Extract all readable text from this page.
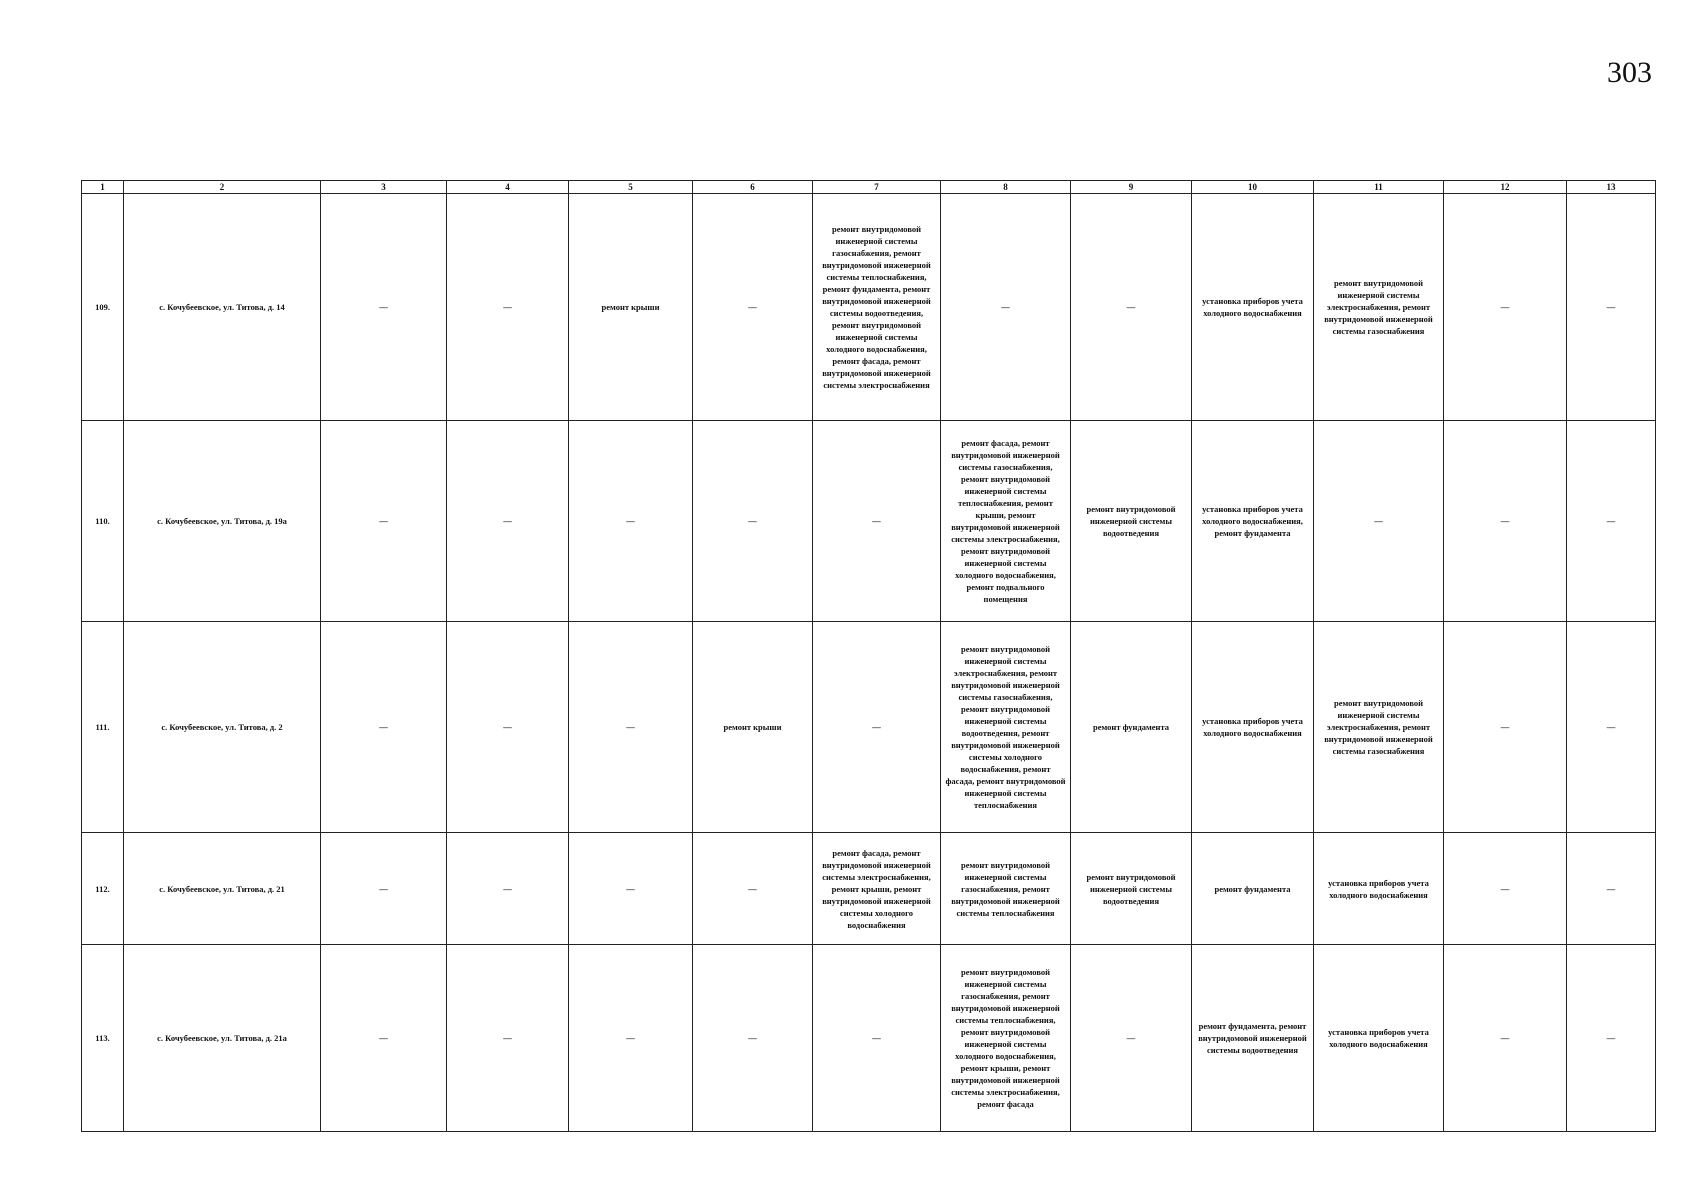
303
1	2	3	4	5	6	7	8	9	10	11	12	13
109.	с. Кочубеевское, ул. Титова, д. 14	—	—	ремонт крыши	—	ремонт внутридомовой инженерной системы газоснабжения, ремонт внутридомовой инженерной системы теплоснабжения, ремонт фундамента, ремонт внутридомовой инженерной системы водоотведения, ремонт внутридомовой инженерной системы холодного водоснабжения, ремонт фасада, ремонт внутридомовой инженерной системы электроснабжения	—	—	установка приборов учета холодного водоснабжения	ремонт внутридомовой инженерной системы электроснабжения, ремонт внутридомовой инженерной системы газоснабжения	—	—
110.	с. Кочубеевское, ул. Титова, д. 19а	—	—	—	—	—	ремонт фасада, ремонт внутридомовой инженерной системы газоснабжения, ремонт внутридомовой инженерной системы теплоснабжения, ремонт крыши, ремонт внутридомовой инженерной системы электроснабжения, ремонт внутридомовой инженерной системы холодного водоснабжения, ремонт подвального помещения	ремонт внутридомовой инженерной системы водоотведения	установка приборов учета холодного водоснабжения, ремонт фундамента	—	—	—
111.	с. Кочубеевское, ул. Титова, д. 2	—	—	—	ремонт крыши	—	ремонт внутридомовой инженерной системы электроснабжения, ремонт внутридомовой инженерной системы газоснабжения, ремонт внутридомовой инженерной системы водоотведения, ремонт внутридомовой инженерной системы холодного водоснабжения, ремонт фасада, ремонт внутридомовой инженерной системы теплоснабжения	ремонт фундамента	установка приборов учета холодного водоснабжения	ремонт внутридомовой инженерной системы электроснабжения, ремонт внутридомовой инженерной системы газоснабжения	—	—
112.	с. Кочубеевское, ул. Титова, д. 21	—	—	—	—	ремонт фасада, ремонт внутридомовой инженерной системы электроснабжения, ремонт крыши, ремонт внутридомовой инженерной системы холодного водоснабжения	ремонт внутридомовой инженерной системы газоснабжения, ремонт внутридомовой инженерной системы теплоснабжения	ремонт внутридомовой инженерной системы водоотведения	ремонт фундамента	установка приборов учета холодного водоснабжения	—	—
113.	с. Кочубеевское, ул. Титова, д. 21а	—	—	—	—	—	ремонт внутридомовой инженерной системы газоснабжения, ремонт внутридомовой инженерной системы теплоснабжения, ремонт внутридомовой инженерной системы холодного водоснабжения, ремонт крыши, ремонт внутридомовой инженерной системы электроснабжения, ремонт фасада	—	ремонт фундамента, ремонт внутридомовой инженерной системы водоотведения	установка приборов учета холодного водоснабжения	—	—
